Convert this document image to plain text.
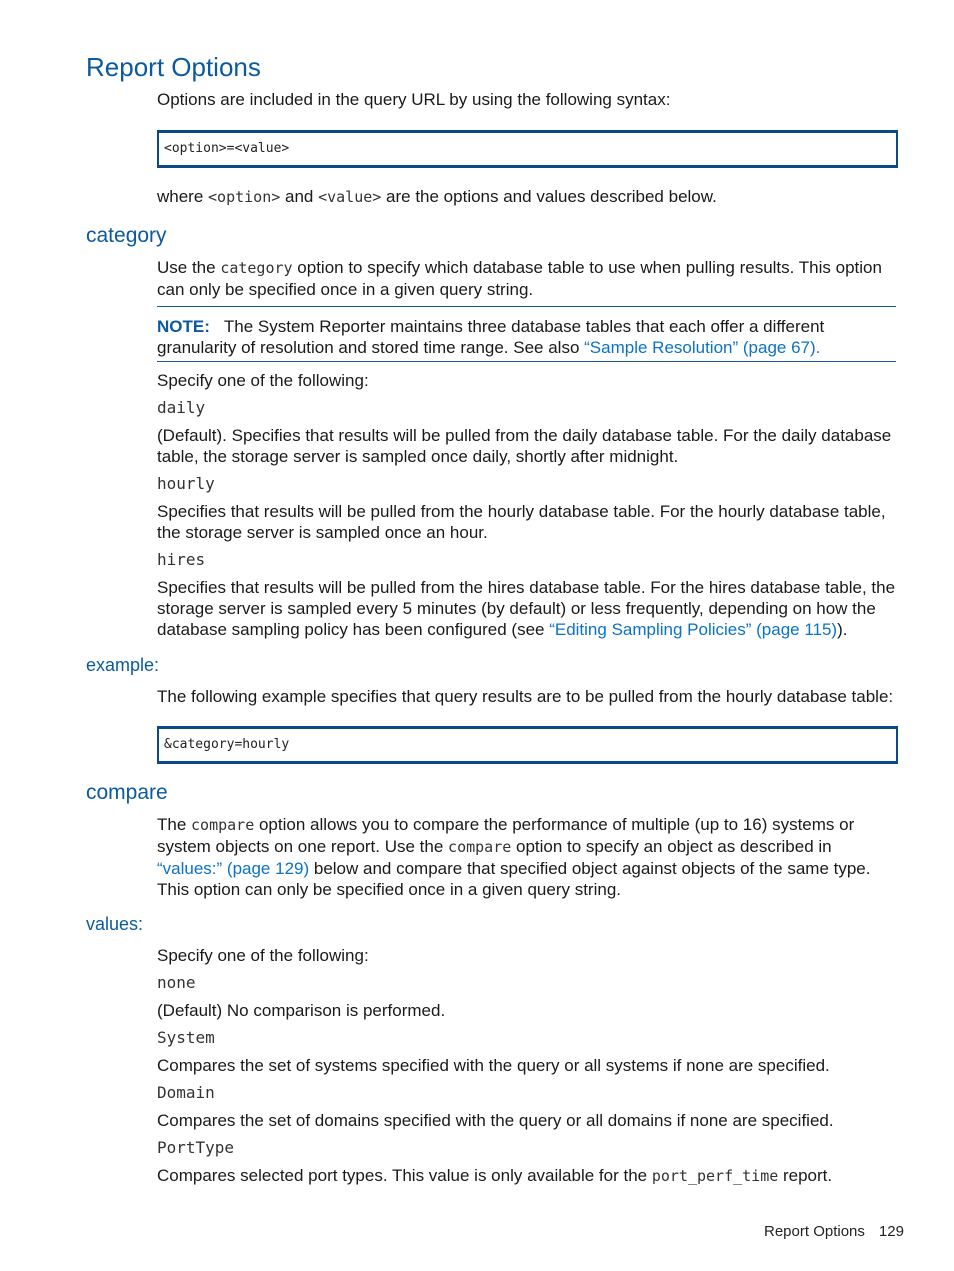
Report Options

Options are included in the query URL by using the following syntax:

<option>=<value>

where <option> and <value> are the options and values described below.

category

Use the category option to specify which database table to use when pulling results. This option can only be specified once in a given query string.

NOTE: The System Reporter maintains three database tables that each offer a different granularity of resolution and stored time range. See also “Sample Resolution” (page 67).

Specify one of the following:

daily

(Default). Specifies that results will be pulled from the daily database table. For the daily database table, the storage server is sampled once daily, shortly after midnight.

hourly

Specifies that results will be pulled from the hourly database table. For the hourly database table, the storage server is sampled once an hour.

hires

Specifies that results will be pulled from the hires database table. For the hires database table, the storage server is sampled every 5 minutes (by default) or less frequently, depending on how the database sampling policy has been configured (see “Editing Sampling Policies” (page 115)).

example:

The following example specifies that query results are to be pulled from the hourly database table:

&category=hourly
compare

The compare option allows you to compare the performance of multiple (up to 16) systems or system objects on one report. Use the compare option to specify an object as described in “values:” (page 129) below and compare that specified object against objects of the same type. This option can only be specified once in a given query string.

values:

Specify one of the following:

none

(Default) No comparison is performed.

System

Compares the set of systems specified with the query or all systems if none are specified.

Domain

Compares the set of domains specified with the query or all domains if none are specified.

PortType

Compares selected port types. This value is only available for the port_perf_time report.

Report Options 129
